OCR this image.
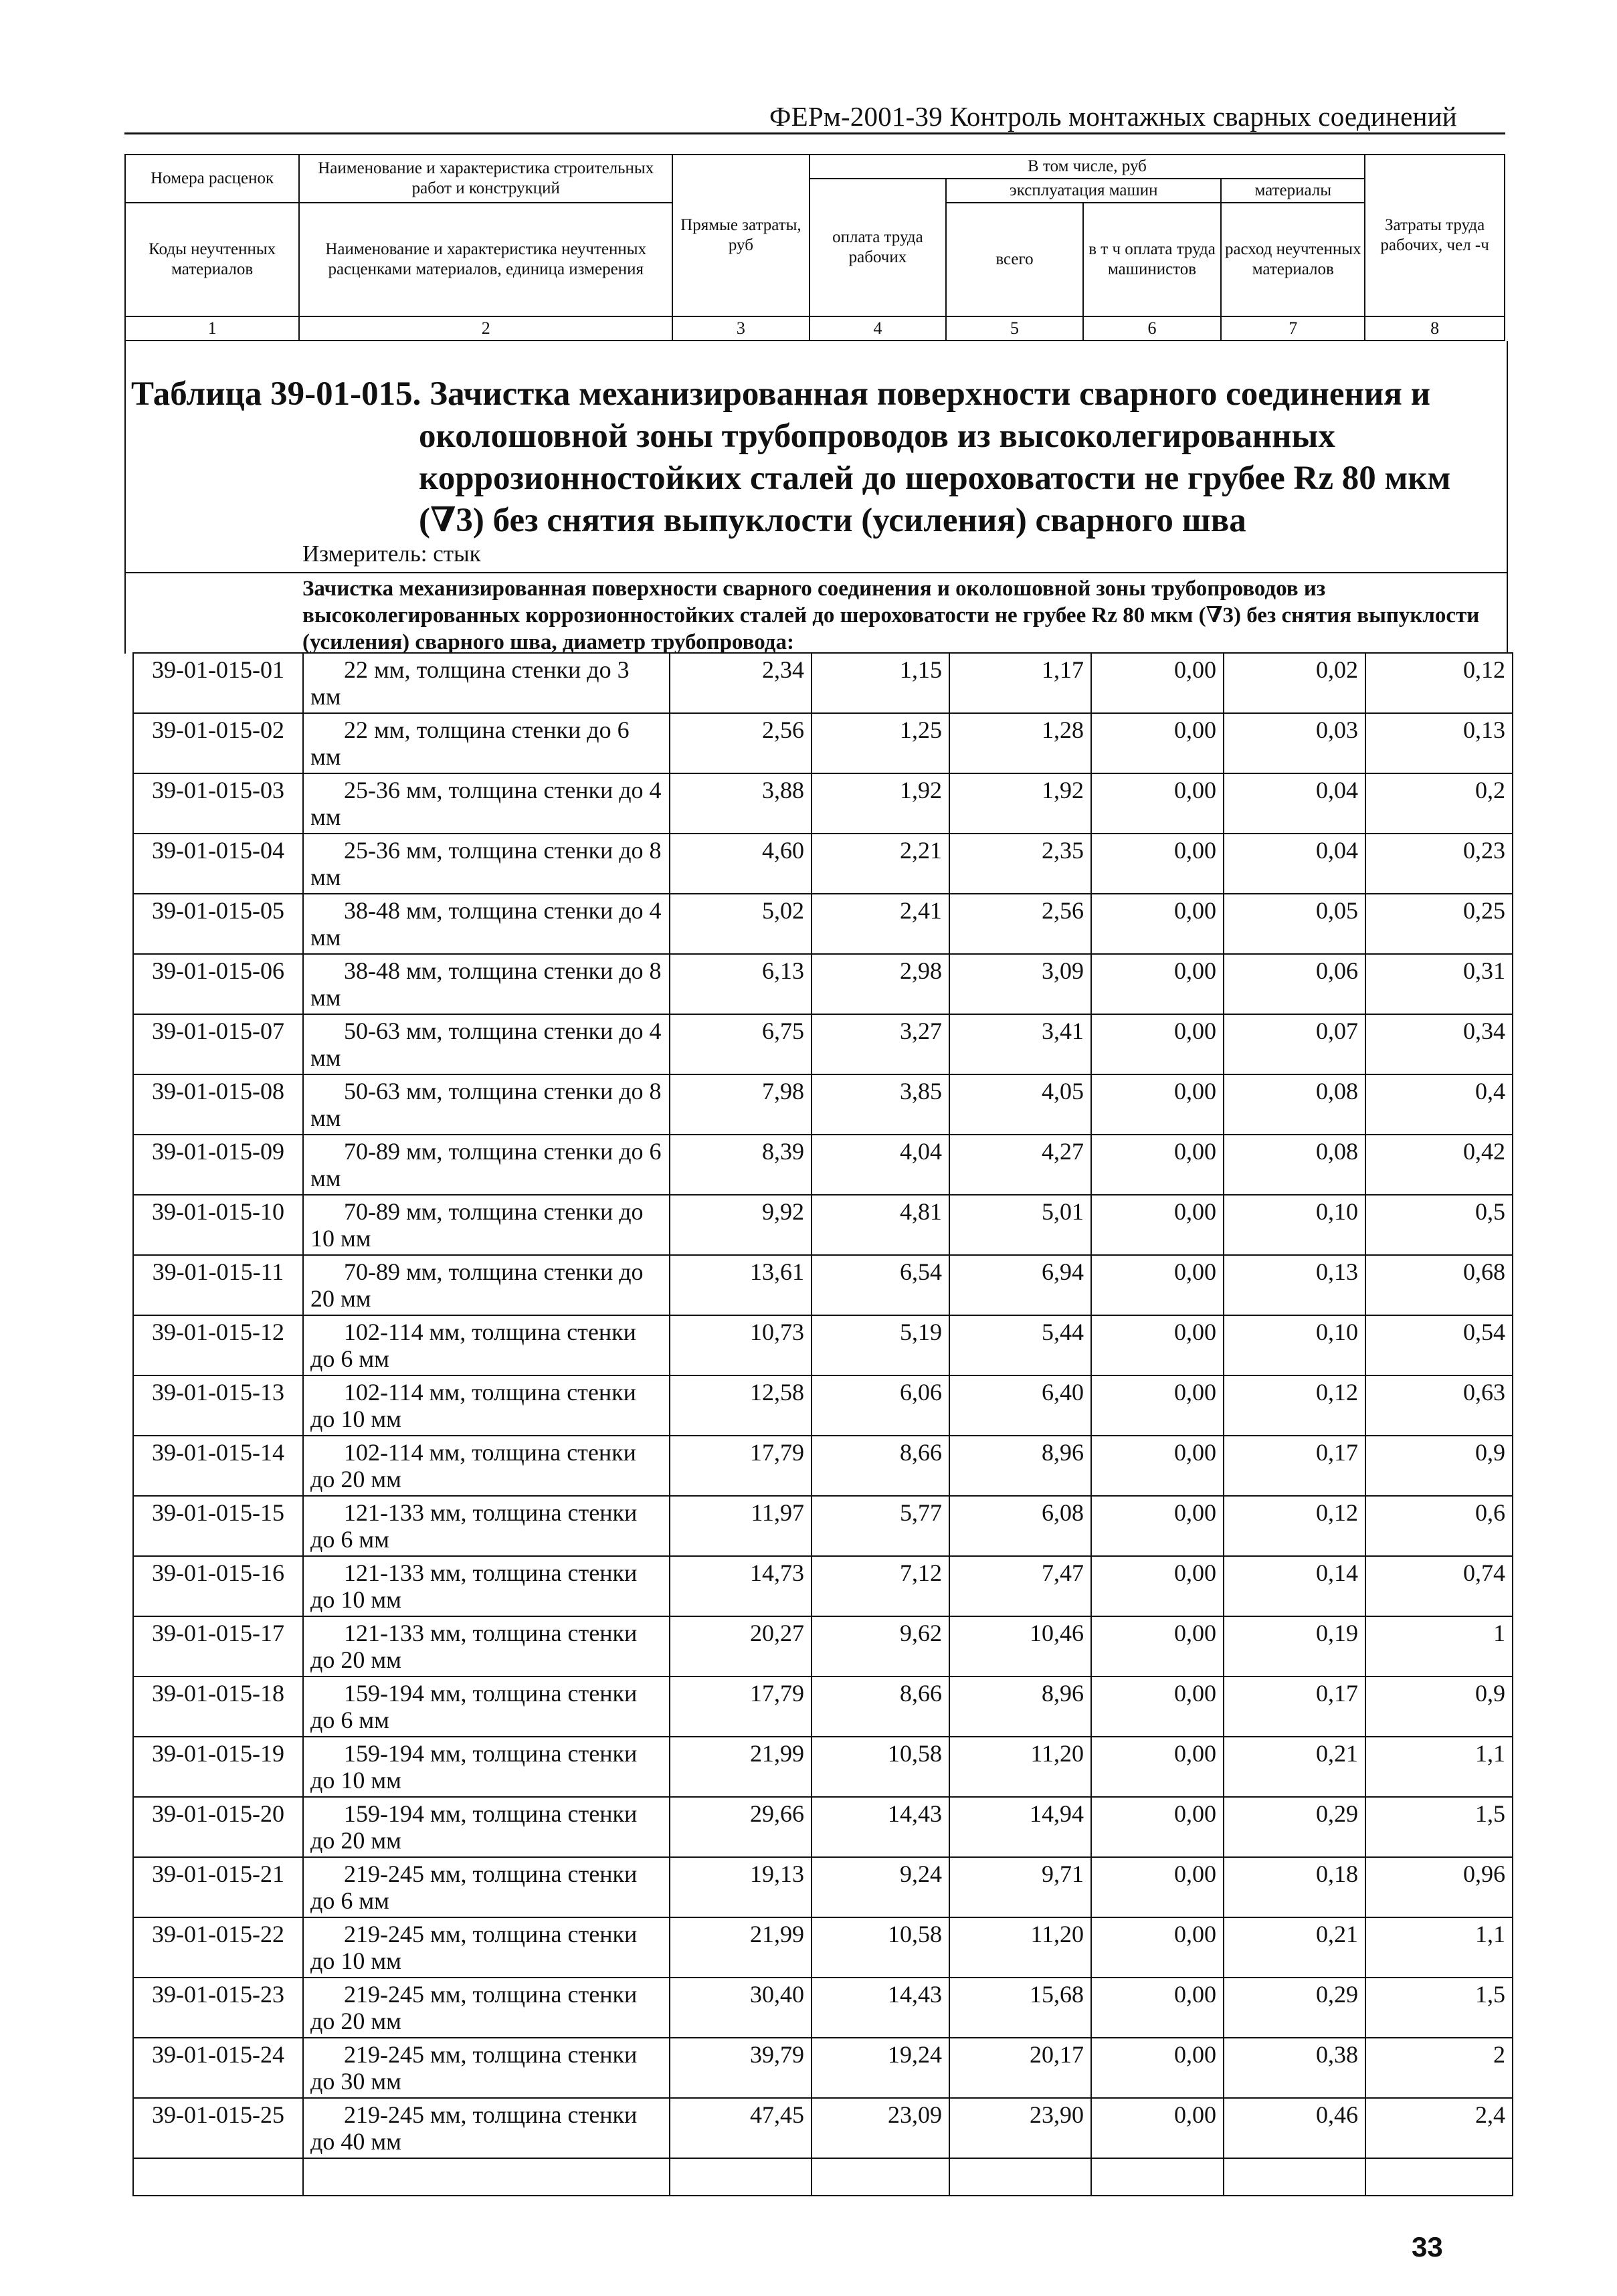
ФЕРм-2001-39 Контроль монтажных сварных соединений
Номера расценок	Наименование и характеристика строительных работ и конструкций	Прямые затраты, руб	В том числе, руб				Затраты труда рабочих, чел -ч
			оплата труда рабочих	эксплуатация машин		материалы	
Коды неучтенных материалов	Наименование и характеристика неучтенных расценками материалов, единица измерения			всего	в т ч оплата труда машинистов	расход неучтенных материалов	
1	2	3	4	5	6	7	8
Таблица 39-01-015. Зачистка механизированная поверхности сварного соединения и околошовной зоны трубопроводов из высоколегированных коррозионностойких сталей до шероховатости не грубее Rz 80 мкм (∇3) без снятия выпуклости (усиления) сварного шва
Измеритель: стык
Зачистка механизированная поверхности сварного соединения и околошовной зоны трубопроводов из высоколегированных коррозионностойких сталей до шероховатости не грубее Rz 80 мкм (∇3) без снятия выпуклости (усиления) сварного шва, диаметр трубопровода:
39-01-015-01	22 мм, толщина стенки до 3 мм	2,34	1,15	1,17	0,00	0,02	0,12
39-01-015-02	22 мм, толщина стенки до 6 мм	2,56	1,25	1,28	0,00	0,03	0,13
39-01-015-03	25-36 мм, толщина стенки до 4 мм	3,88	1,92	1,92	0,00	0,04	0,2
39-01-015-04	25-36 мм, толщина стенки до 8 мм	4,60	2,21	2,35	0,00	0,04	0,23
39-01-015-05	38-48 мм, толщина стенки до 4 мм	5,02	2,41	2,56	0,00	0,05	0,25
39-01-015-06	38-48 мм, толщина стенки до 8 мм	6,13	2,98	3,09	0,00	0,06	0,31
39-01-015-07	50-63 мм, толщина стенки до 4 мм	6,75	3,27	3,41	0,00	0,07	0,34
39-01-015-08	50-63 мм, толщина стенки до 8 мм	7,98	3,85	4,05	0,00	0,08	0,4
39-01-015-09	70-89 мм, толщина стенки до 6 мм	8,39	4,04	4,27	0,00	0,08	0,42
39-01-015-10	70-89 мм, толщина стенки до 10 мм	9,92	4,81	5,01	0,00	0,10	0,5
39-01-015-11	70-89 мм, толщина стенки до 20 мм	13,61	6,54	6,94	0,00	0,13	0,68
39-01-015-12	102-114 мм, толщина стенки до 6 мм	10,73	5,19	5,44	0,00	0,10	0,54
39-01-015-13	102-114 мм, толщина стенки до 10 мм	12,58	6,06	6,40	0,00	0,12	0,63
39-01-015-14	102-114 мм, толщина стенки до 20 мм	17,79	8,66	8,96	0,00	0,17	0,9
39-01-015-15	121-133 мм, толщина стенки до 6 мм	11,97	5,77	6,08	0,00	0,12	0,6
39-01-015-16	121-133 мм, толщина стенки до 10 мм	14,73	7,12	7,47	0,00	0,14	0,74
39-01-015-17	121-133 мм, толщина стенки до 20 мм	20,27	9,62	10,46	0,00	0,19	1
39-01-015-18	159-194 мм, толщина стенки до 6 мм	17,79	8,66	8,96	0,00	0,17	0,9
39-01-015-19	159-194 мм, толщина стенки до 10 мм	21,99	10,58	11,20	0,00	0,21	1,1
39-01-015-20	159-194 мм, толщина стенки до 20 мм	29,66	14,43	14,94	0,00	0,29	1,5
39-01-015-21	219-245 мм, толщина стенки до 6 мм	19,13	9,24	9,71	0,00	0,18	0,96
39-01-015-22	219-245 мм, толщина стенки до 10 мм	21,99	10,58	11,20	0,00	0,21	1,1
39-01-015-23	219-245 мм, толщина стенки до 20 мм	30,40	14,43	15,68	0,00	0,29	1,5
39-01-015-24	219-245 мм, толщина стенки до 30 мм	39,79	19,24	20,17	0,00	0,38	2
39-01-015-25	219-245 мм, толщина стенки до 40 мм	47,45	23,09	23,90	0,00	0,46	2,4

33
